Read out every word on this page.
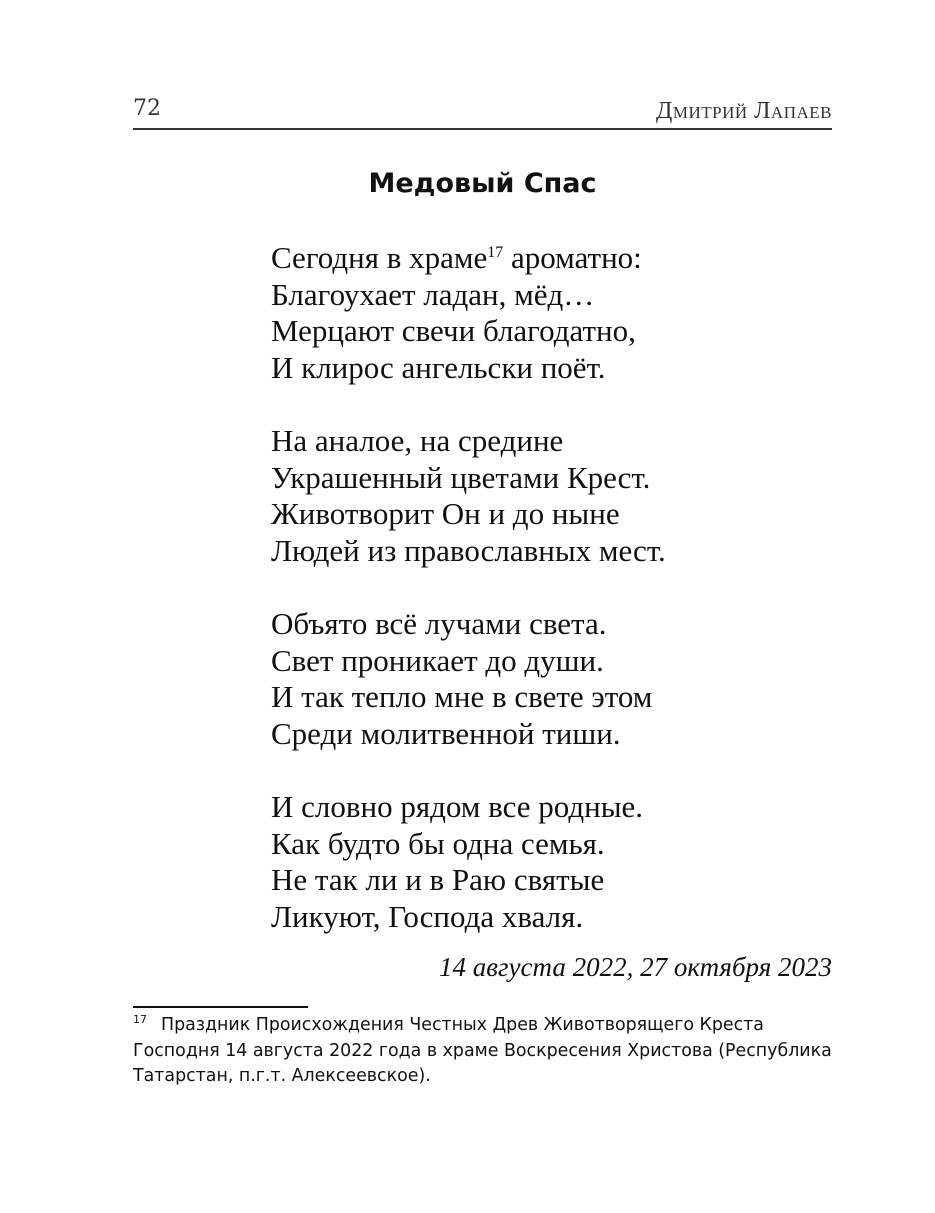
72	Дмитрий Лапаев
Медовый Спас
Сегодня в храме$^{17}$ ароматно:
Благоухает ладан, мёд…
Мерцают свечи благодатно,
И клирос ангельски поёт.
На аналое, на средине
Украшенный цветами Крест.
Животворит Он и до ныне
Людей из православных мест.
Объято всё лучами света.
Свет проникает до души.
И так тепло мне в свете этом
Среди молитвенной тиши.
И словно рядом все родные.
Как будто бы одна семья.
Не так ли и в Раю святые
Ликуют, Господа хваля.
14 августа 2022, 27 октября 2023
$^{17}$ Праздник Происхождения Честных Древ Животворящего Креста Господня 14 августа 2022 года в храме Воскресения Христова (Республика Татарстан, п.г.т. Алексеевское).
